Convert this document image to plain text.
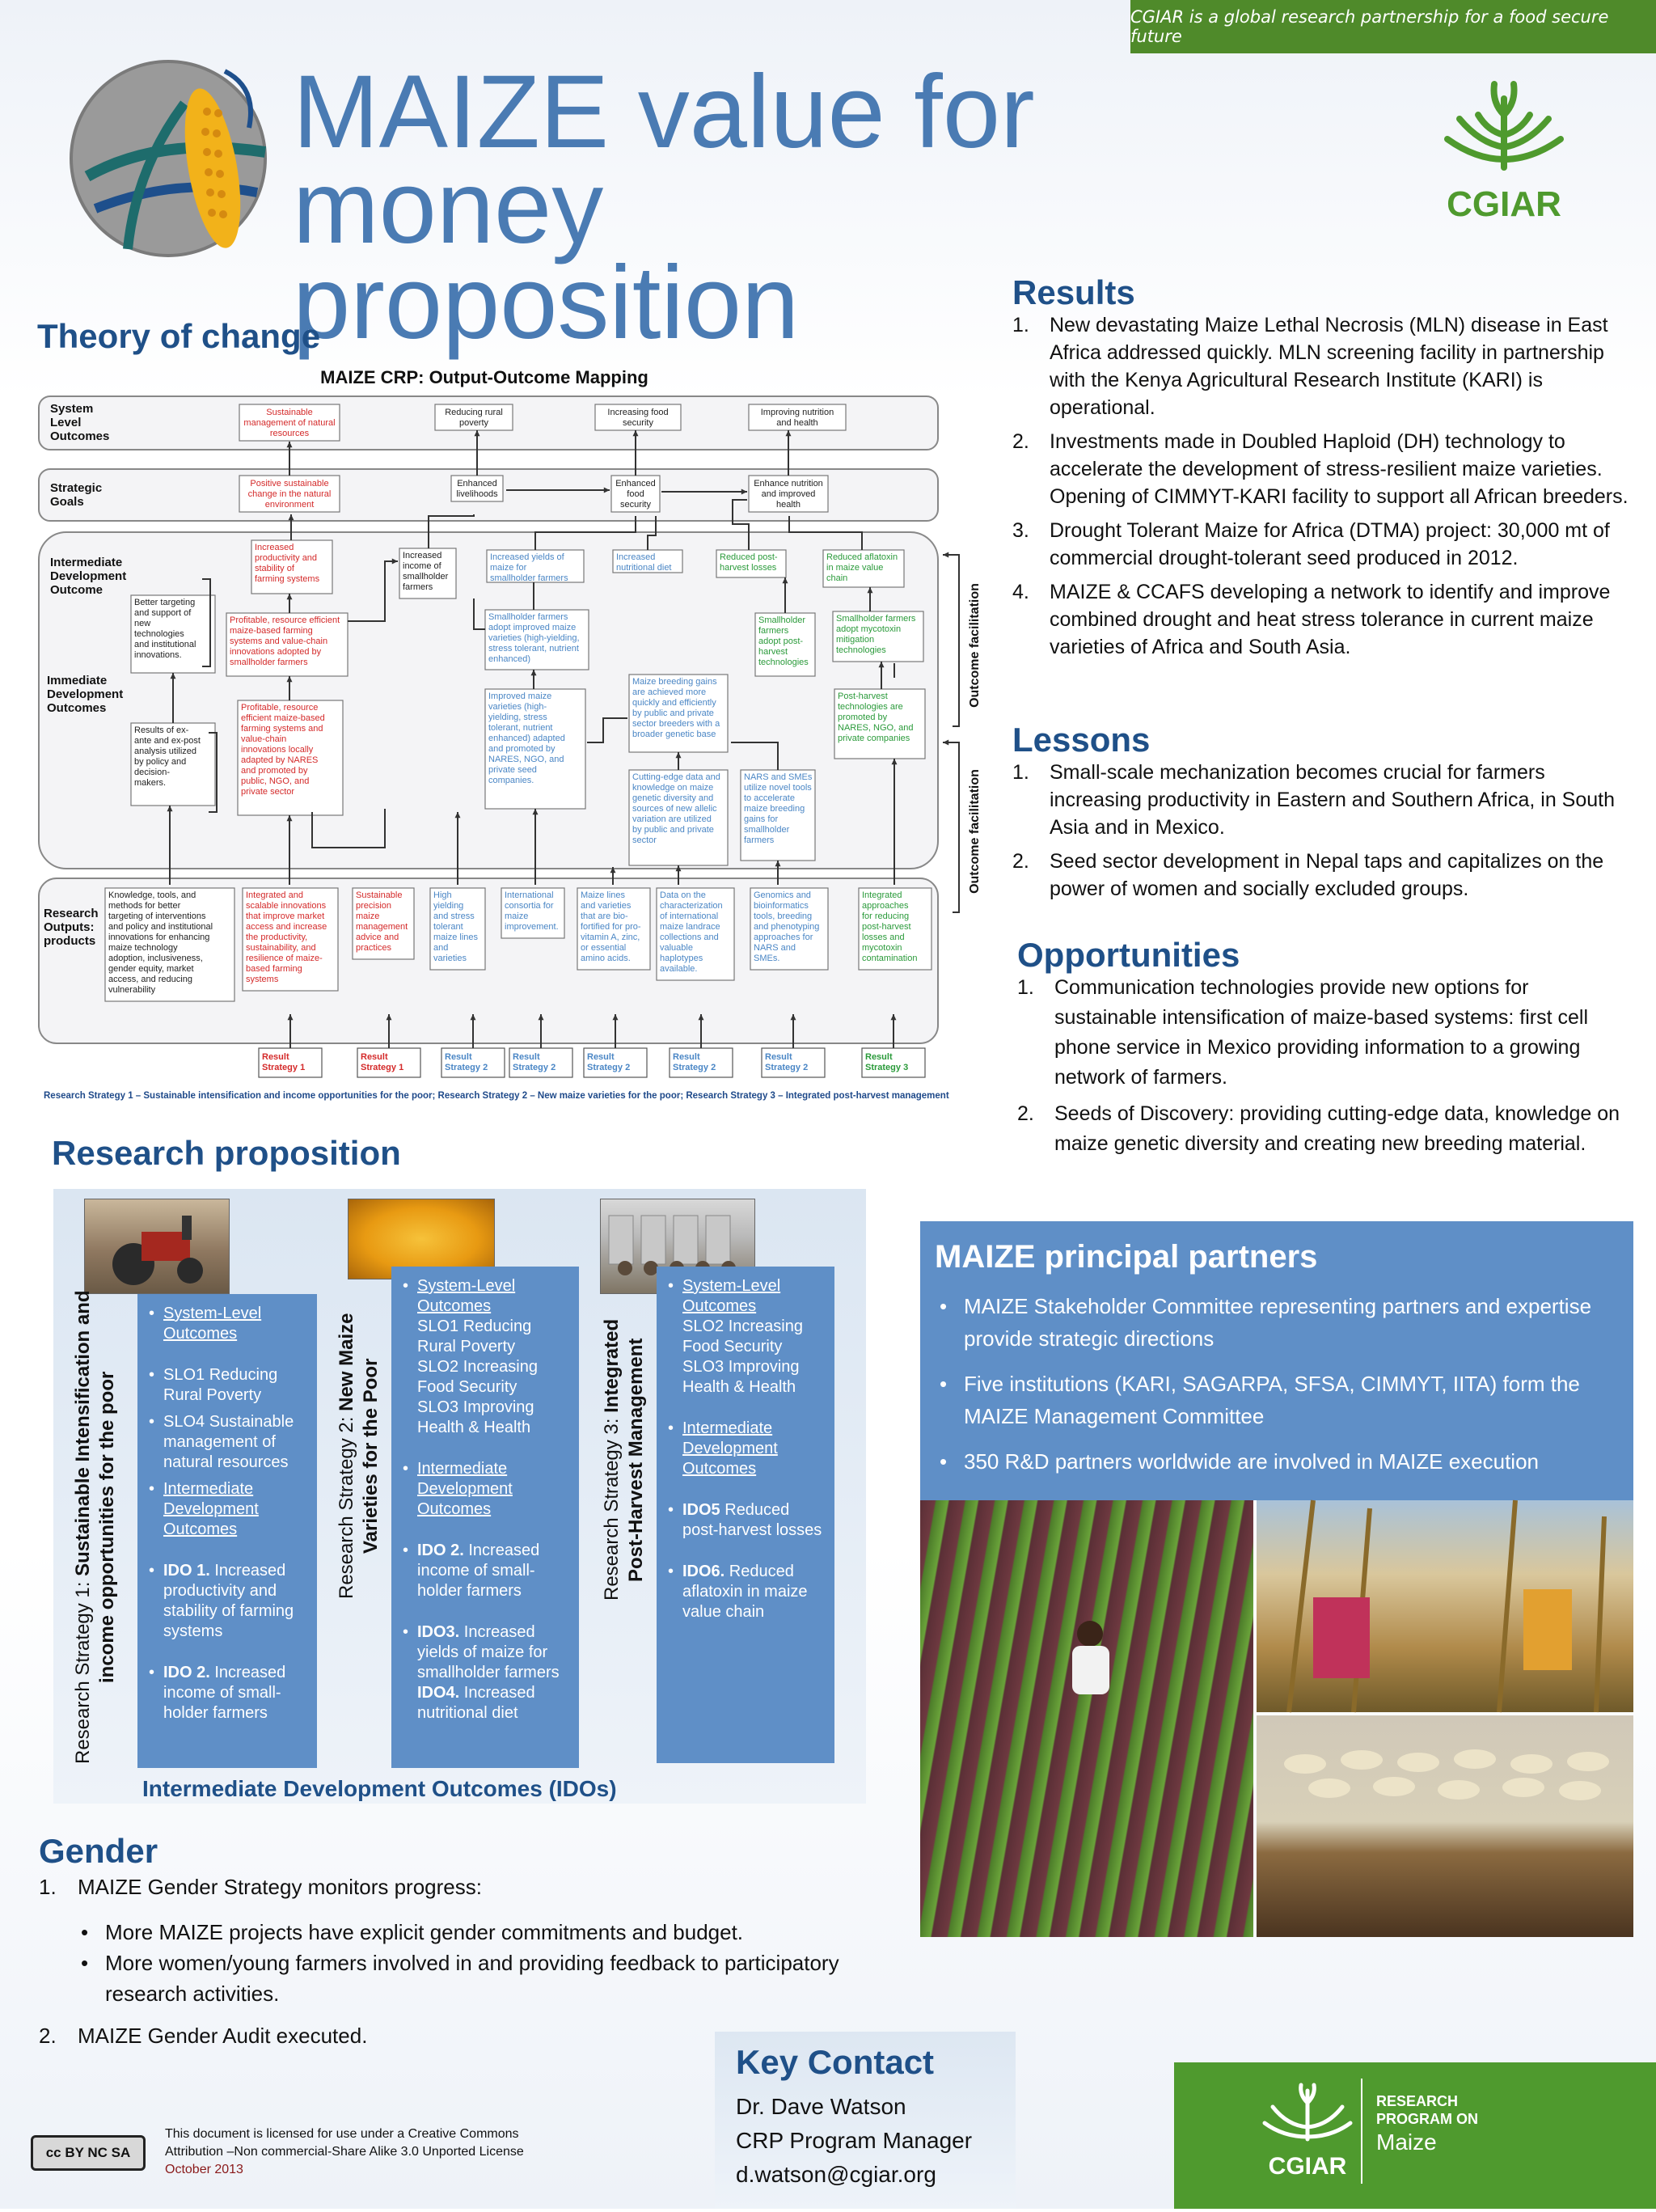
CGIAR is a global research partnership for a food secure future
MAIZE value for money
proposition
CGIAR
Theory of change
MAIZE CRP: Output-Outcome Mapping
System Level Outcomes
Strategic Goals
Intermediate Development Outcome
Immediate Development Outcomes
Research Outputs: products
Sustainable management of natural resources
Reducing rural poverty
Increasing food security
Improving nutrition and health
Positive sustainable change in the natural environment
Enhanced livelihoods
Enhanced food security
Enhance nutrition and improved health
Increased productivity and stability of farming systems
Increased income of smallholder farmers
Increased yields of maize for smallholder farmers
Increased nutritional diet
Reduced post-harvest losses
Reduced aflatoxin in maize value chain
Better targeting and support of new technologies and institutional innovations.
Profitable, resource efficient maize-based farming systems and value-chain innovations adopted by smallholder farmers
Smallholder farmers adopt improved maize varieties (high-yielding, stress tolerant, nutrient enhanced)
Smallholder farmers adopt post-harvest technologies
Smallholder farmers adopt mycotoxin mitigation technologies
Results of ex-ante and ex-post analysis utilized by policy and decision-makers.
Profitable, resource efficient maize-based farming systems and value-chain innovations locally adapted by NARES and promoted by public, NGO, and private sector
Improved maize varieties (high-yielding, stress tolerant, nutrient enhanced) adapted and promoted by NARES, NGO, and private seed companies.
Maize breeding gains are achieved more quickly and efficiently by public and private sector breeders with a broader genetic base
Cutting-edge data and knowledge on maize genetic diversity and sources of new allelic variation are utilized by public and private sector
NARS and SMEs utilize novel tools to accelerate maize breeding gains for smallholder farmers
Post-harvest technologies are promoted by NARES, NGO, and private companies
Knowledge, tools, and methods for better targeting of interventions and policy and institutional innovations for enhancing maize technology adoption, inclusiveness, gender equity, market access, and reducing vulnerability
Integrated and scalable innovations that improve market access and increase the productivity, sustainability, and resilience of maize-based farming systems
Sustainable precision maize management advice and practices
High yielding and stress tolerant maize lines and varieties
International consortia for maize improvement.
Maize lines and varieties that are bio-fortified for pro-vitamin A, zinc, or essential amino acids.
Data on the characterization of international maize landrace collections and valuable haplotypes available.
Genomics and bioinformatics tools, breeding and phenotyping approaches for NARS and SMEs.
Integrated approaches for reducing post-harvest losses and mycotoxin contamination
Result Strategy 1
Result Strategy 1
Result Strategy 2
Result Strategy 2
Result Strategy 2
Result Strategy 2
Result Strategy 2
Result Strategy 3
Outcome facilitation
Outcome facilitation
Research Strategy 1 – Sustainable intensification and income opportunities for the poor; Research Strategy 2 – New maize varieties for the poor; Research Strategy 3 – Integrated post-harvest management
Results
1. New devastating Maize Lethal Necrosis (MLN) disease in East Africa addressed quickly. MLN screening facility in partnership with the Kenya Agricultural Research Institute (KARI) is operational.
2. Investments made in Doubled Haploid (DH) technology to accelerate the development of stress-resilient maize varieties. Opening of CIMMYT-KARI facility to support all African breeders.
3. Drought Tolerant Maize for Africa (DTMA) project: 30,000 mt of commercial drought-tolerant seed produced in 2012.
4. MAIZE & CCAFS developing a network to identify and improve combined drought and heat stress tolerance in current maize varieties of Africa and South Asia.
Lessons
1. Small-scale mechanization becomes crucial for farmers increasing productivity in Eastern and Southern Africa, in South Asia and in Mexico.
2. Seed sector development in Nepal taps and capitalizes on the power of women and socially excluded groups.
Opportunities
1. Communication technologies provide new options for sustainable intensification of maize-based systems: first cell phone service in Mexico providing information to a growing network of farmers.
2. Seeds of Discovery: providing cutting-edge data, knowledge on maize genetic diversity and creating new breeding material.
Research proposition
• System-Level Outcomes
• SLO1 Reducing Rural Poverty
• SLO4 Sustainable management of natural resources
• Intermediate Development Outcomes
• IDO 1. Increased productivity and stability of farming systems
• IDO 2. Increased income of small-holder farmers
Research Strategy 1: Sustainable Intensification and income opportunities for the poor
• System-Level Outcomes
SLO1 Reducing Rural Poverty
SLO2 Increasing Food Security
SLO3 Improving Health & Health
• Intermediate Development Outcomes
• IDO 2. Increased income of small-holder farmers
• IDO3. Increased yields of maize for smallholder farmers
IDO4. Increased nutritional diet
Research Strategy 2: New Maize Varieties for the Poor
• System-Level Outcomes
SLO2 Increasing Food Security
SLO3 Improving Health & Health
• Intermediate Development Outcomes
• IDO5 Reduced post-harvest losses
• IDO6. Reduced aflatoxin in maize value chain
Research Strategy 3: Integrated Post-Harvest Management
Intermediate Development Outcomes (IDOs)
MAIZE principal partners
• MAIZE Stakeholder Committee representing partners and expertise provide strategic directions
• Five institutions (KARI, SAGARPA, SFSA, CIMMYT, IITA) form the MAIZE Management Committee
• 350 R&D partners worldwide are involved in MAIZE execution
Gender
1.	MAIZE Gender Strategy monitors progress:
• More MAIZE projects have explicit gender commitments and budget.
• More women/young farmers involved in and providing feedback to participatory research activities.
2.	MAIZE Gender Audit executed.
Key Contact

Dr. Dave Watson

CRP Program Manager

d.watson@cgiar.org	CGIAR
RESEARCH
PROGRAM ON
Maize
cc BY NC SA
This document is licensed for use under a Creative Commons
Attribution –Non commercial-Share Alike 3.0 Unported License
October 2013
